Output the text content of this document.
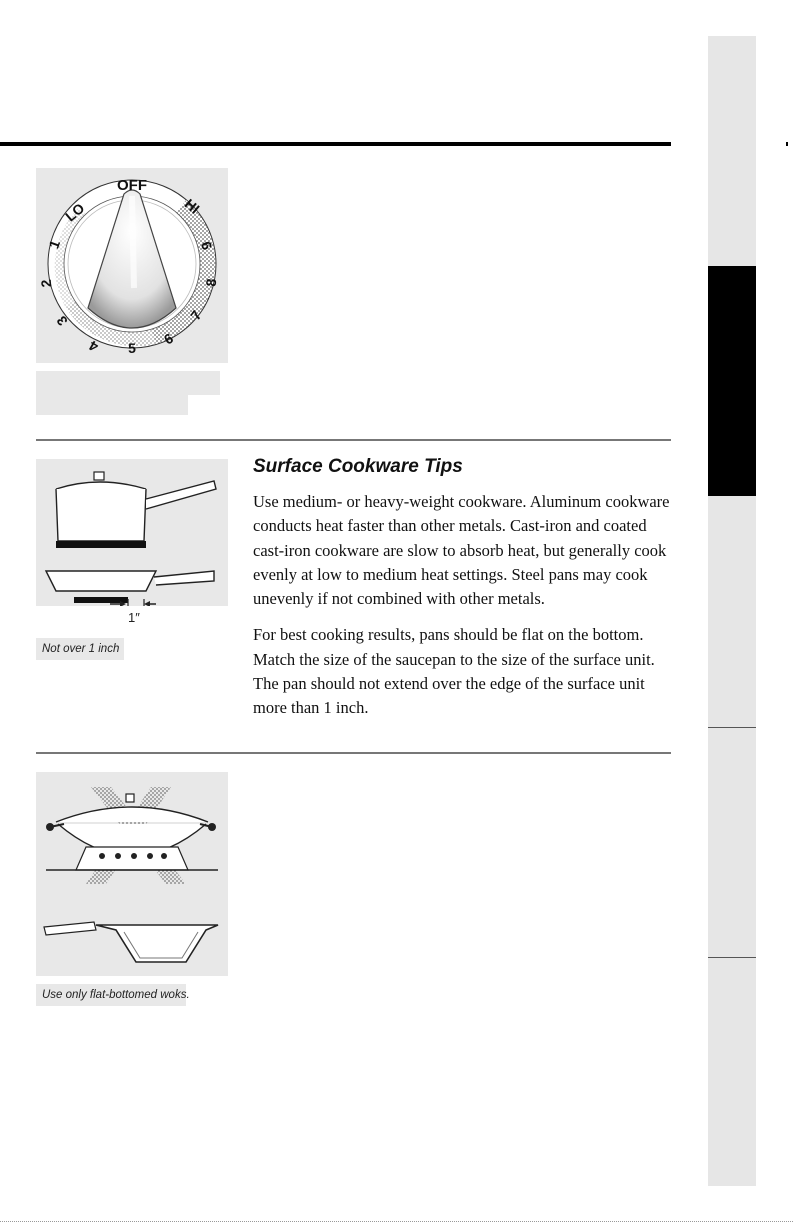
OFF
LO	HI
1
2
3
4 5
6
7
8
9
1″
Not over 1 inch
Surface Cookware Tips

Use medium- or heavy-weight cookware. Aluminum cookware conducts heat faster than other metals. Cast-iron and coated cast-iron cookware are slow to absorb heat, but generally cook evenly at low to medium heat settings. Steel pans may cook unevenly if not combined with other metals.

For best cooking results, pans should be flat on the bottom. Match the size of the saucepan to the size of the surface unit. The pan should not extend over the edge of the surface unit more than 1 inch.

Use only flat-bottomed woks.
